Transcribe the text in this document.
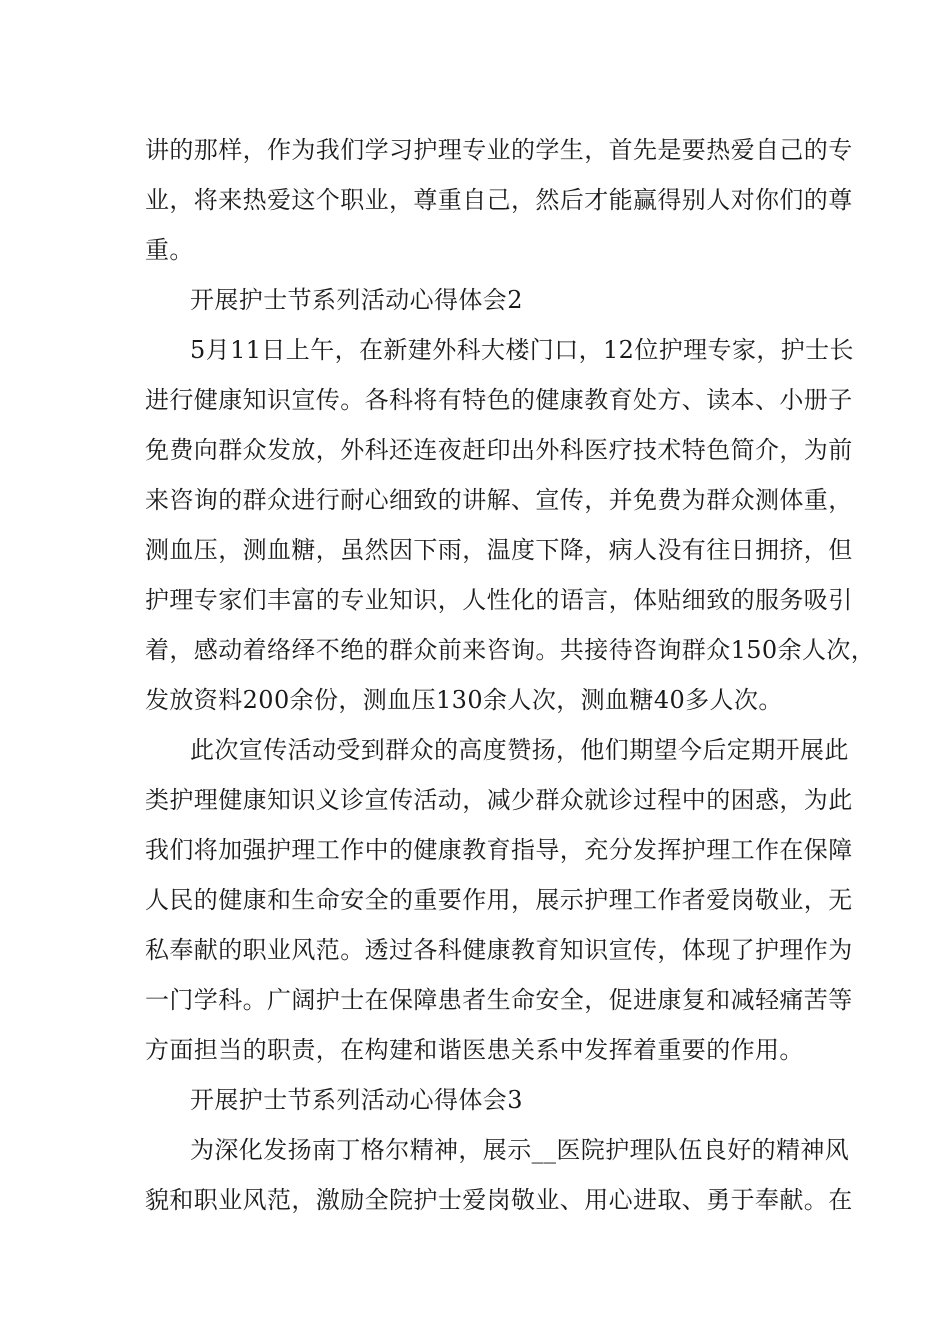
讲的那样，作为我们学习护理专业的学生，首先是要热爱自己的专
业，将来热爱这个职业，尊重自己，然后才能赢得别人对你们的尊
重。
开展护士节系列活动心得体会2
5月11日上午，在新建外科大楼门口，12位护理专家，护士长
进行健康知识宣传。各科将有特色的健康教育处方、读本、小册子
免费向群众发放，外科还连夜赶印出外科医疗技术特色简介，为前
来咨询的群众进行耐心细致的讲解、宣传，并免费为群众测体重，
测血压，测血糖，虽然因下雨，温度下降，病人没有往日拥挤，但
护理专家们丰富的专业知识，人性化的语言，体贴细致的服务吸引
着，感动着络绎不绝的群众前来咨询。共接待咨询群众150余人次，
发放资料200余份，测血压130余人次，测血糖40多人次。
此次宣传活动受到群众的高度赞扬，他们期望今后定期开展此
类护理健康知识义诊宣传活动，减少群众就诊过程中的困惑，为此
我们将加强护理工作中的健康教育指导，充分发挥护理工作在保障
人民的健康和生命安全的重要作用，展示护理工作者爱岗敬业，无
私奉献的职业风范。透过各科健康教育知识宣传，体现了护理作为
一门学科。广阔护士在保障患者生命安全，促进康复和减轻痛苦等
方面担当的职责，在构建和谐医患关系中发挥着重要的作用。
开展护士节系列活动心得体会3
为深化发扬南丁格尔精神，展示__医院护理队伍良好的精神风
貌和职业风范，激励全院护士爱岗敬业、用心进取、勇于奉献。在
